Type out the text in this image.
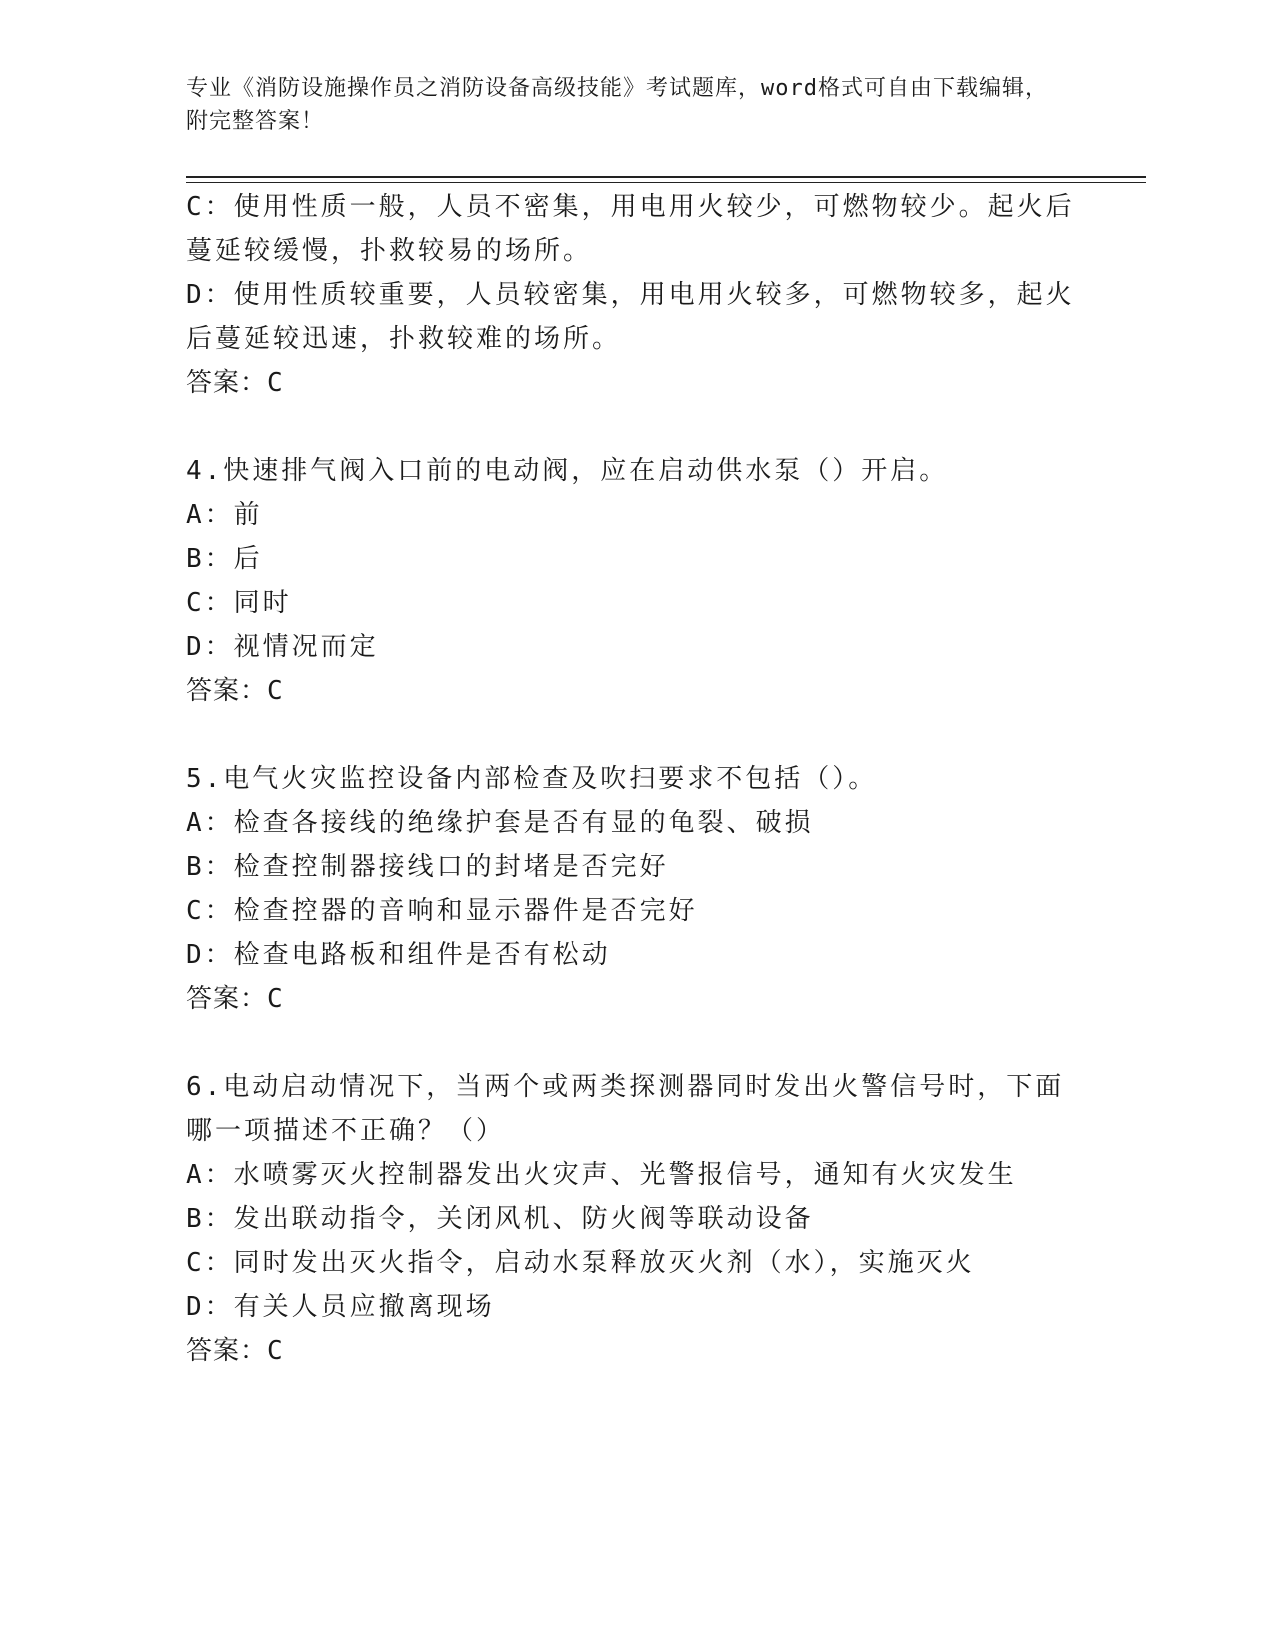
专业《消防设施操作员之消防设备高级技能》考试题库，word格式可自由下载编辑，附完整答案！
C：使用性质一般，人员不密集，用电用火较少，可燃物较少。起火后
蔓延较缓慢，扑救较易的场所。
D：使用性质较重要，人员较密集，用电用火较多，可燃物较多，起火
后蔓延较迅速，扑救较难的场所。
答案：C
4.快速排气阀入口前的电动阀，应在启动供水泵（）开启。
A：前
B：后
C：同时
D：视情况而定
答案：C
5.电气火灾监控设备内部检查及吹扫要求不包括（）。
A：检查各接线的绝缘护套是否有显的龟裂、破损
B：检查控制器接线口的封堵是否完好
C：检查控器的音响和显示器件是否完好
D：检查电路板和组件是否有松动
答案：C
6.电动启动情况下，当两个或两类探测器同时发出火警信号时，下面
哪一项描述不正确？（）
A：水喷雾灭火控制器发出火灾声、光警报信号，通知有火灾发生
B：发出联动指令，关闭风机、防火阀等联动设备
C：同时发出灭火指令，启动水泵释放灭火剂（水），实施灭火
D：有关人员应撤离现场
答案：C
